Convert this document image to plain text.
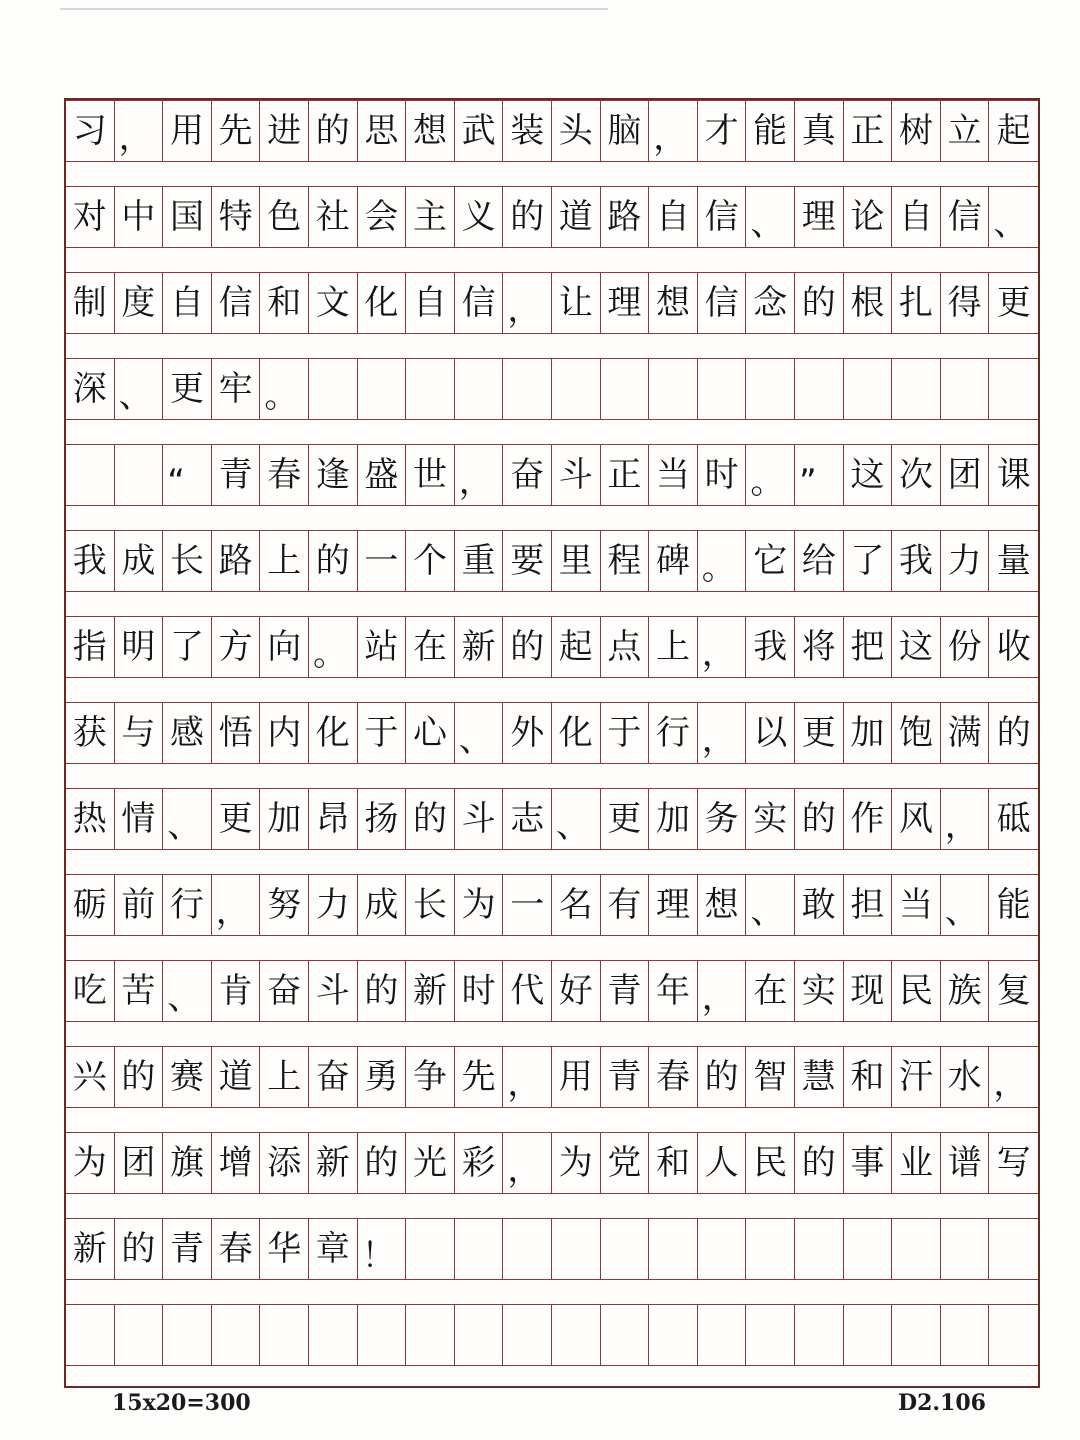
习 ， 用 先 进 的 思 想 武 装 头 脑 ， 才 能 真 正 树 立 起
对 中 国 特 色 社 会 主 义 的 道 路 自 信 、 理 论 自 信 、
制 度 自 信 和 文 化 自 信 ， 让 理 想 信 念 的 根 扎 得 更
深 、 更 牢 。
“ 青 春 逢 盛 世 ， 奋 斗 正 当 时 。 ” 这 次 团 课
我 成 长 路 上 的 一 个 重 要 里 程 碑 。 它 给 了 我 力 量
指 明 了 方 向 。 站 在 新 的 起 点 上 ， 我 将 把 这 份 收
获 与 感 悟 内 化 于 心 、 外 化 于 行 ， 以 更 加 饱 满 的
热 情 、 更 加 昂 扬 的 斗 志 、 更 加 务 实 的 作 风 ， 砥
砺 前 行 ， 努 力 成 长 为 一 名 有 理 想 、 敢 担 当 、 能
吃 苦 、 肯 奋 斗 的 新 时 代 好 青 年 ， 在 实 现 民 族 复
兴 的 赛 道 上 奋 勇 争 先 ， 用 青 春 的 智 慧 和 汗 水 ，
为 团 旗 增 添 新 的 光 彩 ， 为 党 和 人 民 的 事 业 谱 写
新 的 青 春 华 章 ！
15x20=300	D2.106
